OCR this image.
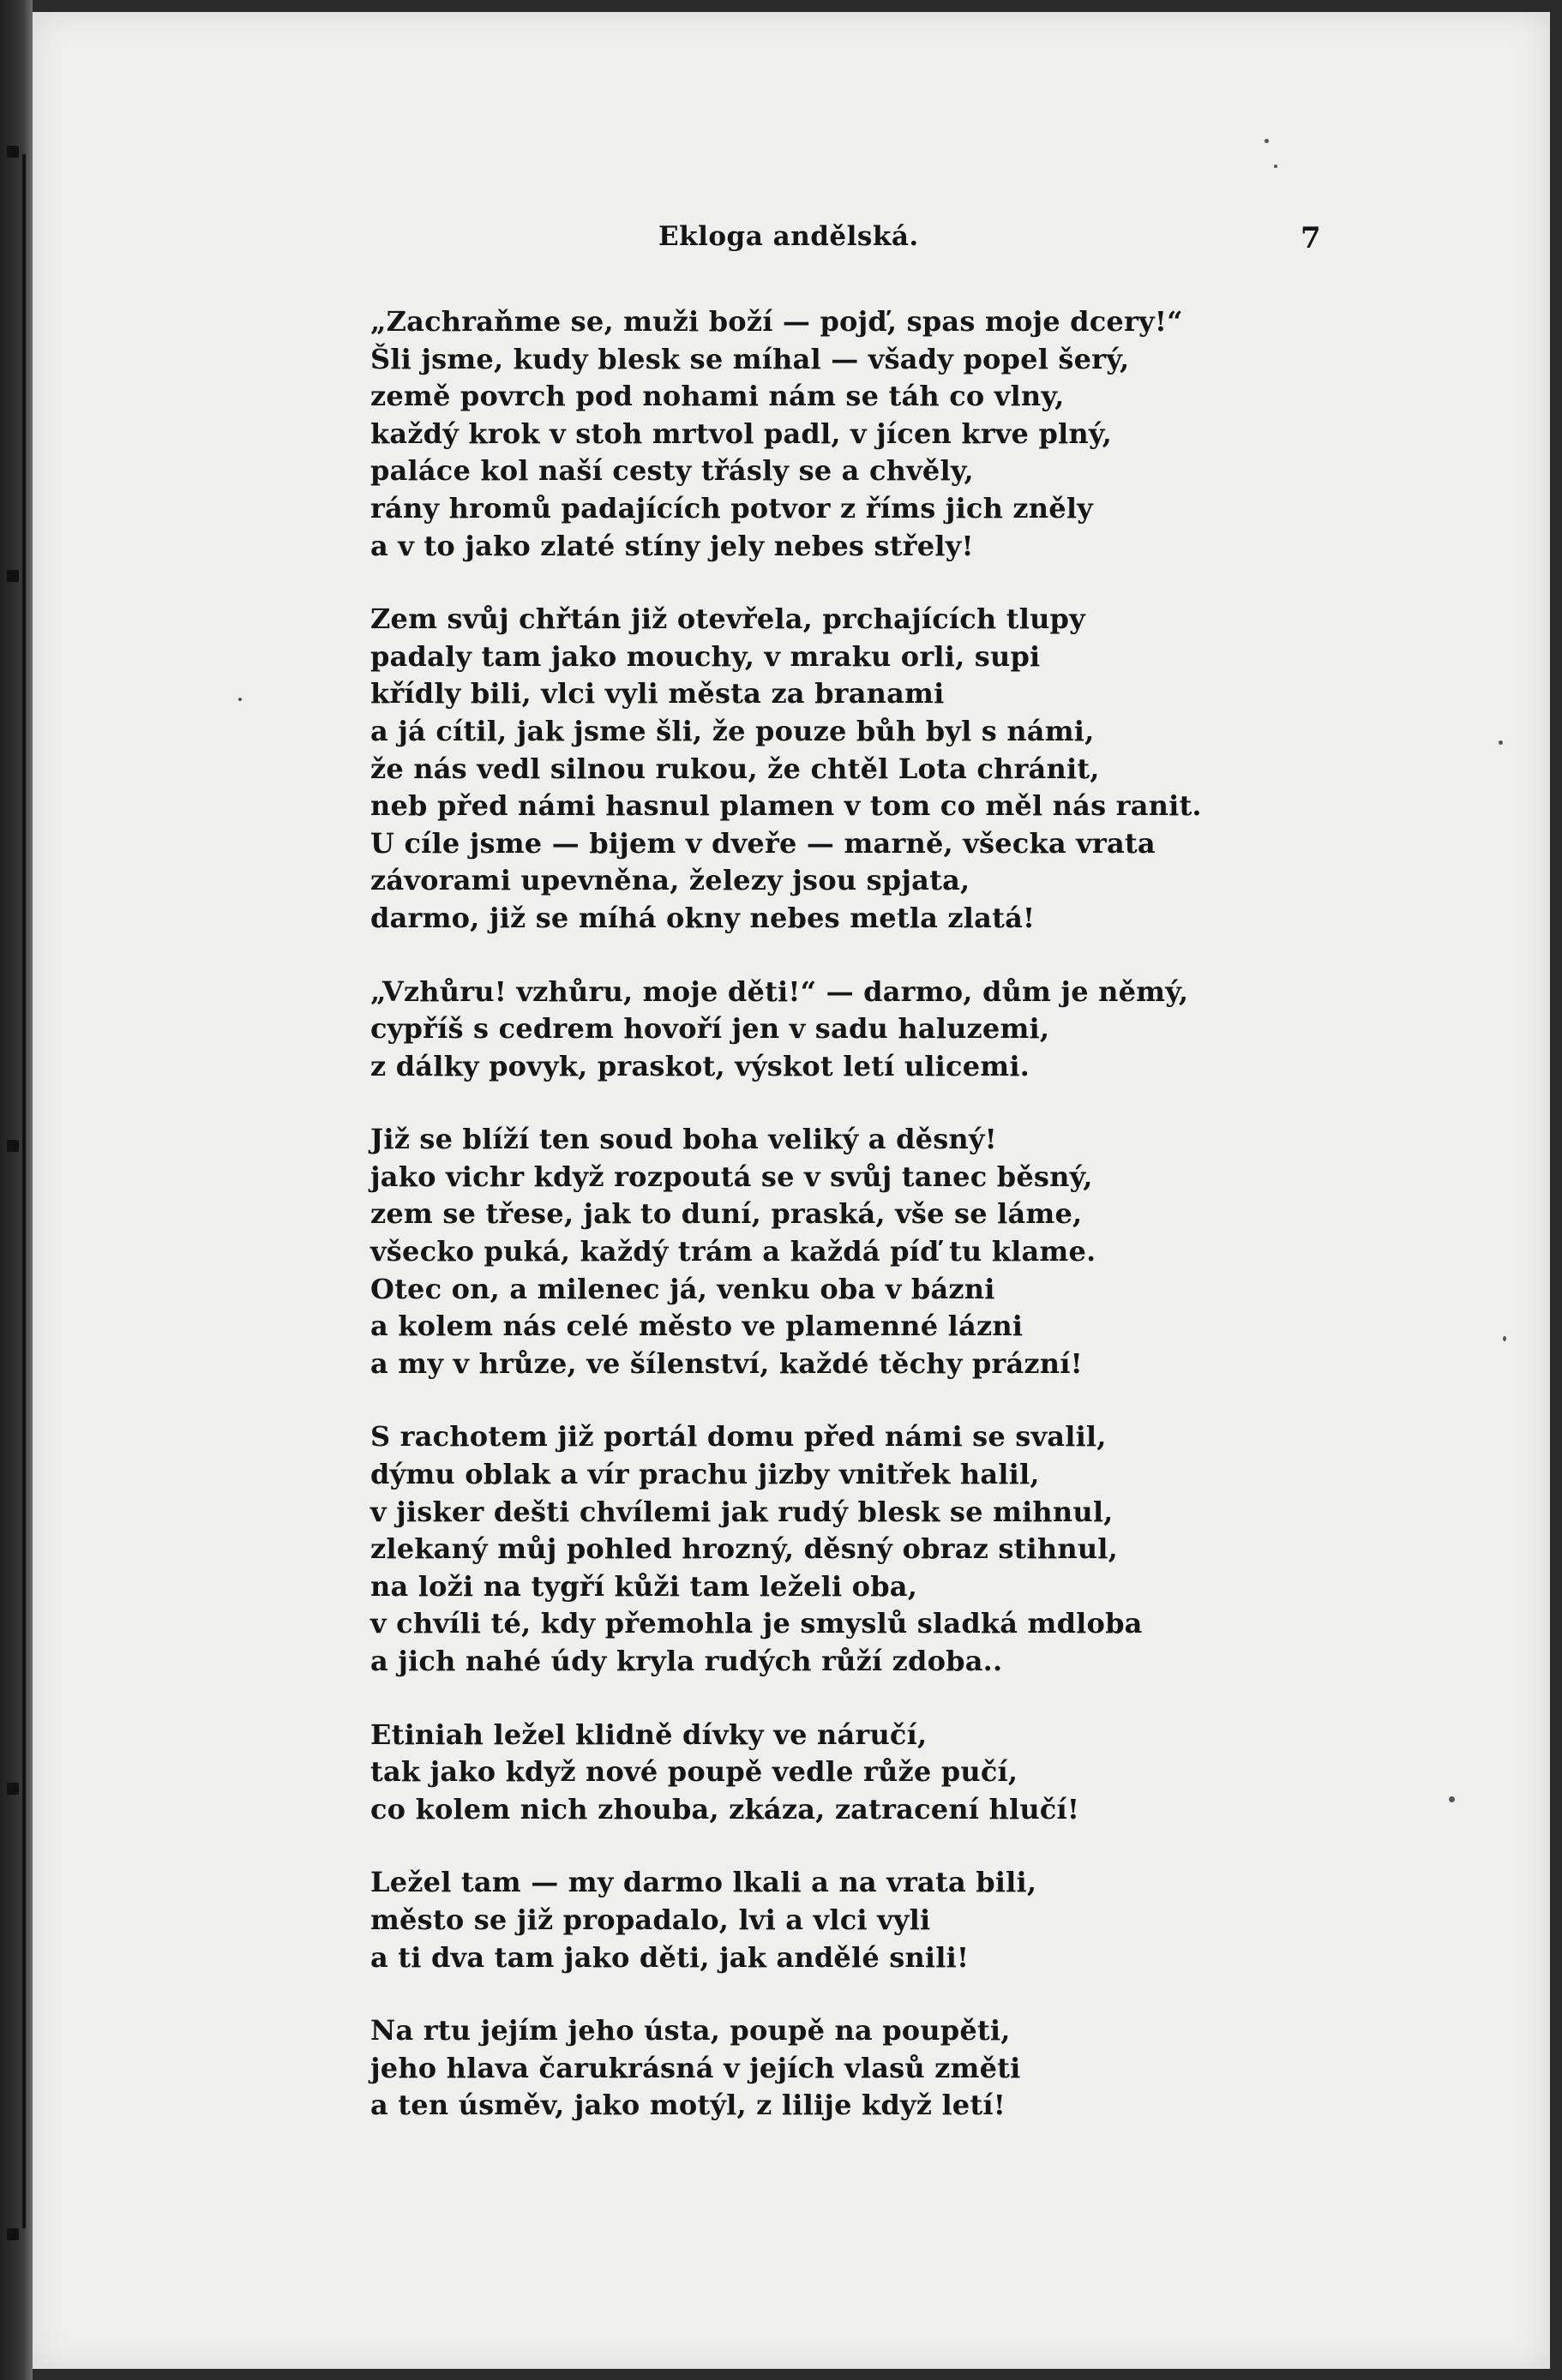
Ekloga andělská.	7
„Zachraňme se, muži boží — pojď, spas moje dcery!“
Šli jsme, kudy blesk se míhal — všady popel šerý,
země povrch pod nohami nám se táh co vlny,
každý krok v stoh mrtvol padl, v jícen krve plný,
paláce kol naší cesty třásly se a chvěly,
rány hromů padajících potvor z říms jich zněly
a v to jako zlaté stíny jely nebes střely!
Zem svůj chřtán již otevřela, prchajících tlupy
padaly tam jako mouchy, v mraku orli, supi
křídly bili, vlci vyli města za branami
a já cítil, jak jsme šli, že pouze bůh byl s námi,
že nás vedl silnou rukou, že chtěl Lota chránit,
neb před námi hasnul plamen v tom co měl nás ranit.
U cíle jsme — bijem v dveře — marně, všecka vrata
závorami upevněna, železy jsou spjata,
darmo, již se míhá okny nebes metla zlatá!
„Vzhůru! vzhůru, moje děti!“ — darmo, dům je němý,
cypříš s cedrem hovoří jen v sadu haluzemi,
z dálky povyk, praskot, výskot letí ulicemi.
Již se blíží ten soud boha veliký a děsný!
jako vichr když rozpoutá se v svůj tanec běsný,
zem se třese, jak to duní, praská, vše se láme,
všecko puká, každý trám a každá píď tu klame.
Otec on, a milenec já, venku oba v bázni
a kolem nás celé město ve plamenné lázni
a my v hrůze, ve šílenství, každé těchy prázní!
S rachotem již portál domu před námi se svalil,
dýmu oblak a vír prachu jizby vnitřek halil,
v jisker dešti chvílemi jak rudý blesk se mihnul,
zlekaný můj pohled hrozný, děsný obraz stihnul,
na loži na tygří kůži tam leželi oba,
v chvíli té, kdy přemohla je smyslů sladká mdloba
a jich nahé údy kryla rudých růží zdoba..
Etiniah ležel klidně dívky ve náručí,
tak jako když nové poupě vedle růže pučí,
co kolem nich zhouba, zkáza, zatracení hlučí!
Ležel tam — my darmo lkali a na vrata bili,
město se již propadalo, lvi a vlci vyli
a ti dva tam jako děti, jak andělé snili!
Na rtu jejím jeho ústa, poupě na poupěti,
jeho hlava čarukrásná v jejích vlasů změti
a ten úsměv, jako motýl, z lilije když letí!
